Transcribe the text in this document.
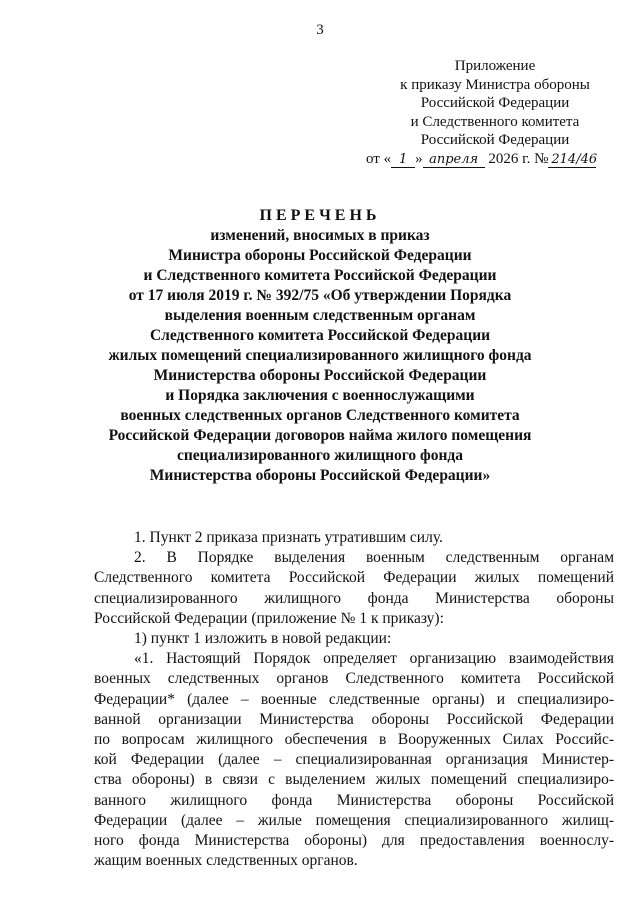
3
Приложение
к приказу Министра обороны
Российской Федерации
и Следственного комитета
Российской Федерации
от « 1 » апреля 2026 г. № 214/46
ПЕРЕЧЕНЬ
изменений, вносимых в приказ
Министра обороны Российской Федерации
и Следственного комитета Российской Федерации
от 17 июля 2019 г. № 392/75 «Об утверждении Порядка
выделения военным следственным органам
Следственного комитета Российской Федерации
жилых помещений специализированного жилищного фонда
Министерства обороны Российской Федерации
и Порядка заключения с военнослужащими
военных следственных органов Следственного комитета
Российской Федерации договоров найма жилого помещения
специализированного жилищного фонда
Министерства обороны Российской Федерации»
1. Пункт 2 приказа признать утратившим силу.
2. В Порядке выделения военным следственным органам
Следственного комитета Российской Федерации жилых помещений
специализированного жилищного фонда Министерства обороны
Российской Федерации (приложение № 1 к приказу):
1) пункт 1 изложить в новой редакции:
«1. Настоящий Порядок определяет организацию взаимодействия
военных следственных органов Следственного комитета Российской
Федерации* (далее – военные следственные органы) и специализиро-
ванной организации Министерства обороны Российской Федерации
по вопросам жилищного обеспечения в Вооруженных Силах Российс-
кой Федерации (далее – специализированная организация Министер-
ства обороны) в связи с выделением жилых помещений специализиро-
ванного жилищного фонда Министерства обороны Российской
Федерации (далее – жилые помещения специализированного жилищ-
ного фонда Министерства обороны) для предоставления военнослу-
жащим военных следственных органов.
